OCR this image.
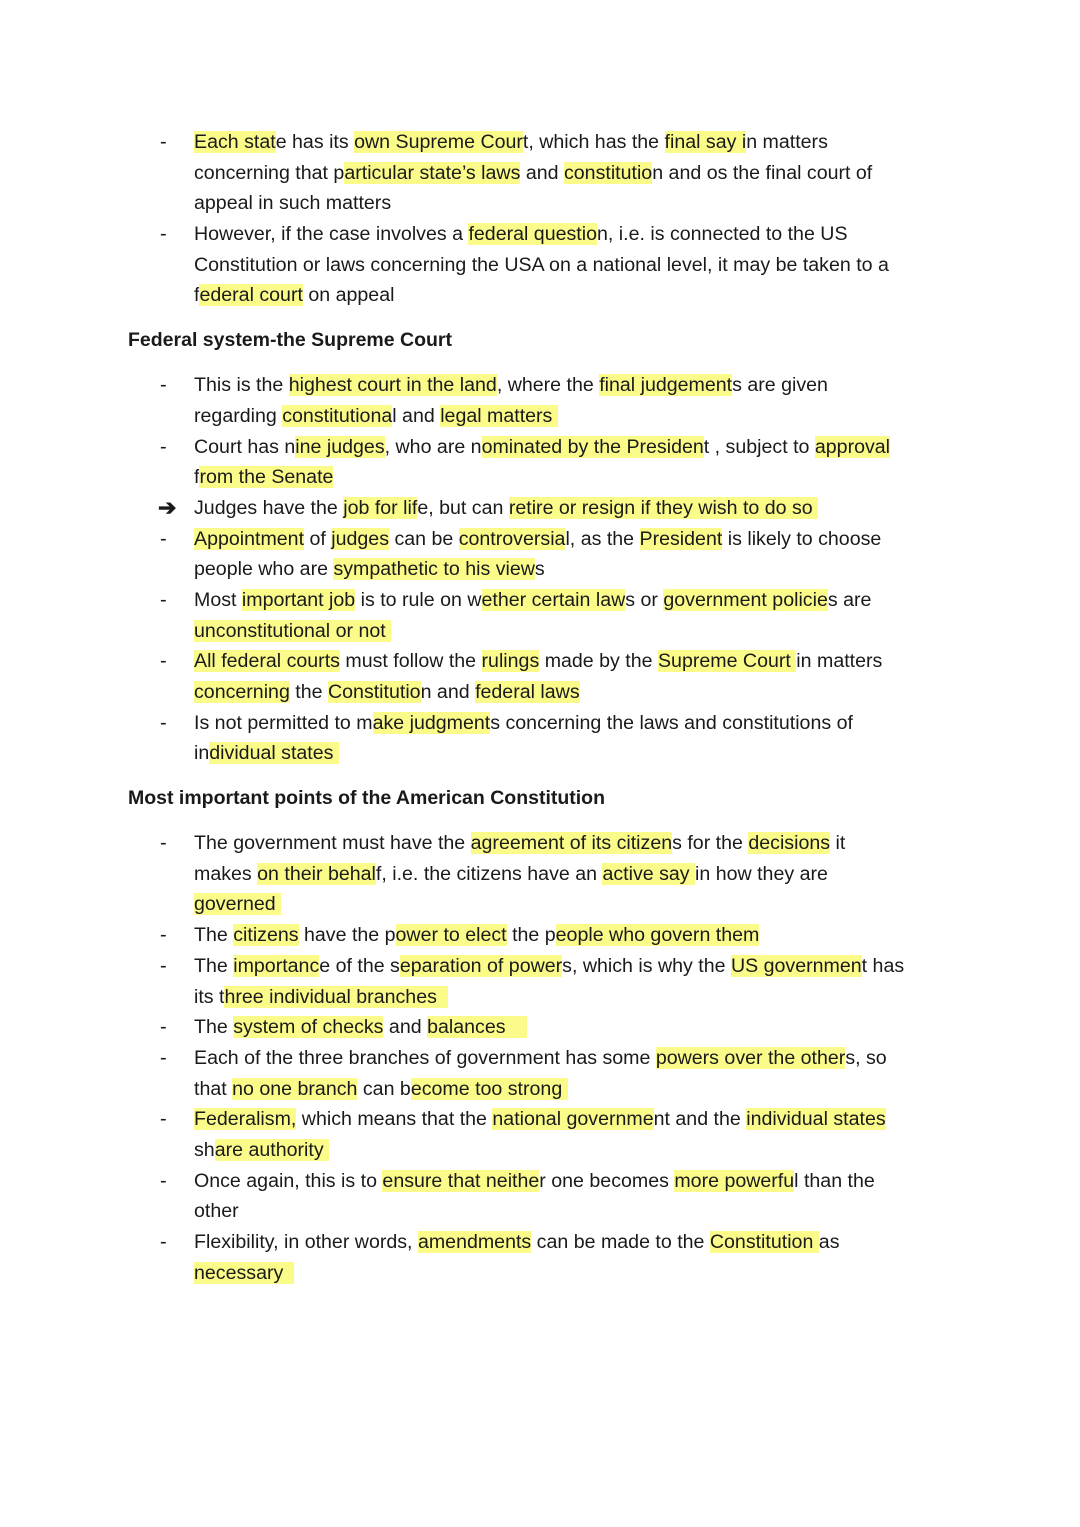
- Each state has its own Supreme Court, which has the final say in matters
concerning that particular state’s laws and constitution and os the final court of
appeal in such matters
- However, if the case involves a federal question, i.e. is connected to the US
Constitution or laws concerning the USA on a national level, it may be taken to a
federal court on appeal
Federal system-the Supreme Court
- This is the highest court in the land, where the final judgements are given
regarding constitutional and legal matters
- Court has nine judges, who are nominated by the President , subject to approval
from the Senate
➔ Judges have the job for life, but can retire or resign if they wish to do so
- Appointment of judges can be controversial, as the President is likely to choose
people who are sympathetic to his views
- Most important job is to rule on wether certain laws or government policies are
unconstitutional or not
- All federal courts must follow the rulings made by the Supreme Court in matters
concerning the Constitution and federal laws
- Is not permitted to make judgments concerning the laws and constitutions of
individual states
Most important points of the American Constitution
- The government must have the agreement of its citizens for the decisions it
makes on their behalf, i.e. the citizens have an active say in how they are
governed
- The citizens have the power to elect the people who govern them
- The importance of the separation of powers, which is why the US government has
its three individual branches
- The system of checks and balances
- Each of the three branches of government has some powers over the others, so
that no one branch can become too strong
- Federalism, which means that the national government and the individual states
share authority
- Once again, this is to ensure that neither one becomes more powerful than the
other
- Flexibility, in other words, amendments can be made to the Constitution as
necessary
